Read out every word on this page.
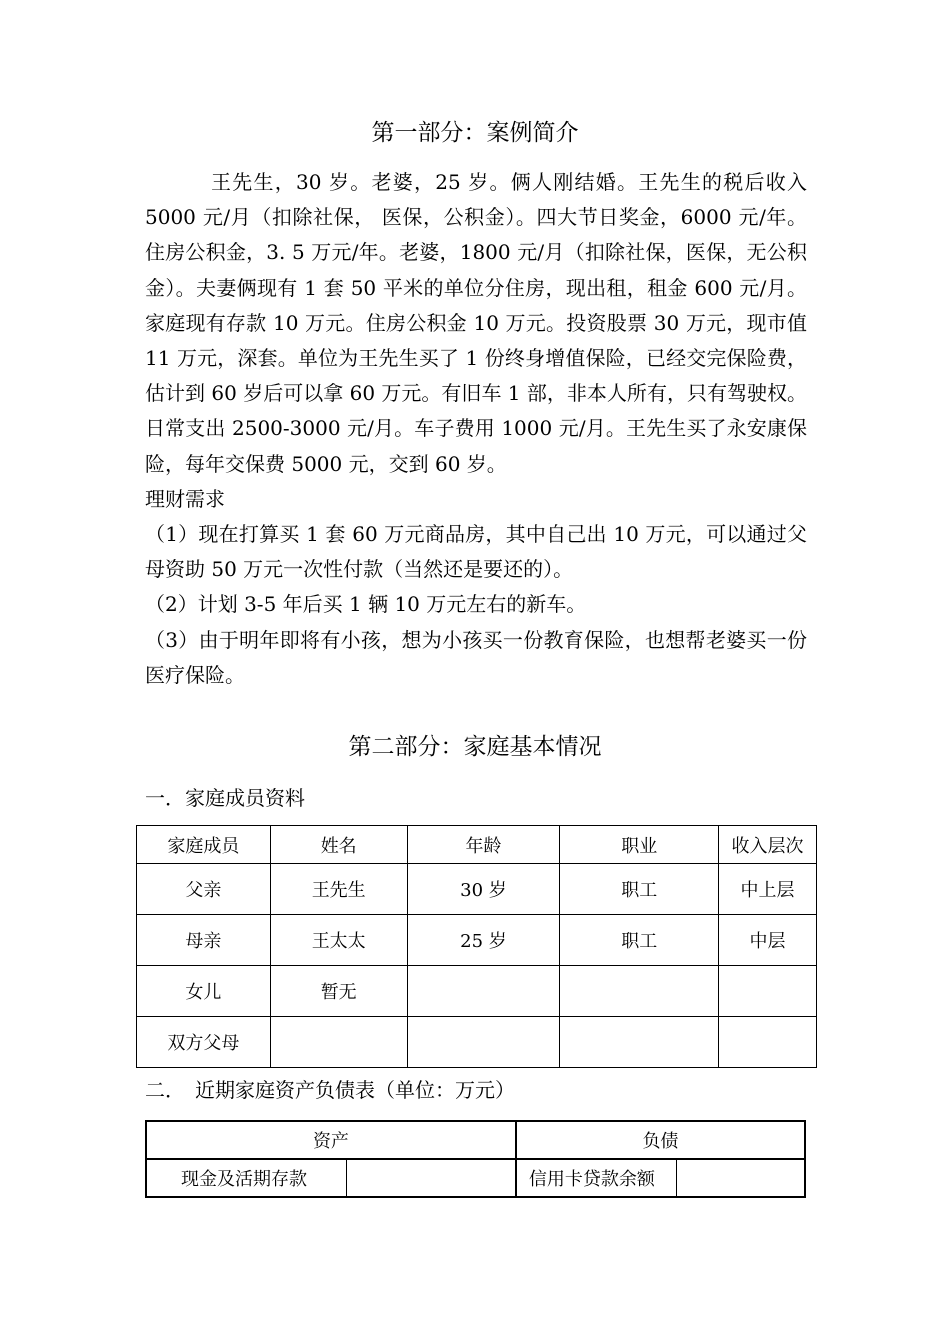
第一部分：案例简介

王先生，30 岁。老婆，25 岁。俩人刚结婚。王先生的税后收入 5000 元/月（扣除社保， 医保，公积金）。四大节日奖金，6000 元/年。住房公积金，3. 5 万元/年。老婆，1800 元/月（扣除社保，医保，无公积金）。夫妻俩现有 1 套 50 平米的单位分住房，现出租，租金 600 元/月。家庭现有存款 10 万元。住房公积金 10 万元。投资股票 30 万元，现市值 11 万元，深套。单位为王先生买了 1 份终身增值保险，已经交完保险费，估计到 60 岁后可以拿 60 万元。有旧车 1 部，非本人所有，只有驾驶权。日常支出 2500-3000 元/月。车子费用 1000 元/月。王先生买了永安康保险，每年交保费 5000 元，交到 60 岁。

理财需求

（1）现在打算买 1 套 60 万元商品房，其中自己出 10 万元，可以通过父母资助 50 万元一次性付款（当然还是要还的）。

（2）计划 3-5 年后买 1 辆 10 万元左右的新车。

（3）由于明年即将有小孩，想为小孩买一份教育保险，也想帮老婆买一份医疗保险。

第二部分：家庭基本情况
一．家庭成员资料
家庭成员	姓名	年龄	职业	收入层次
父亲	王先生	30 岁	职工	中上层
母亲	王太太	25 岁	职工	中层
女儿	暂无			
双方父母				
二．　近期家庭资产负债表（单位：万元）
资产		负债	
现金及活期存款		信用卡贷款余额	
